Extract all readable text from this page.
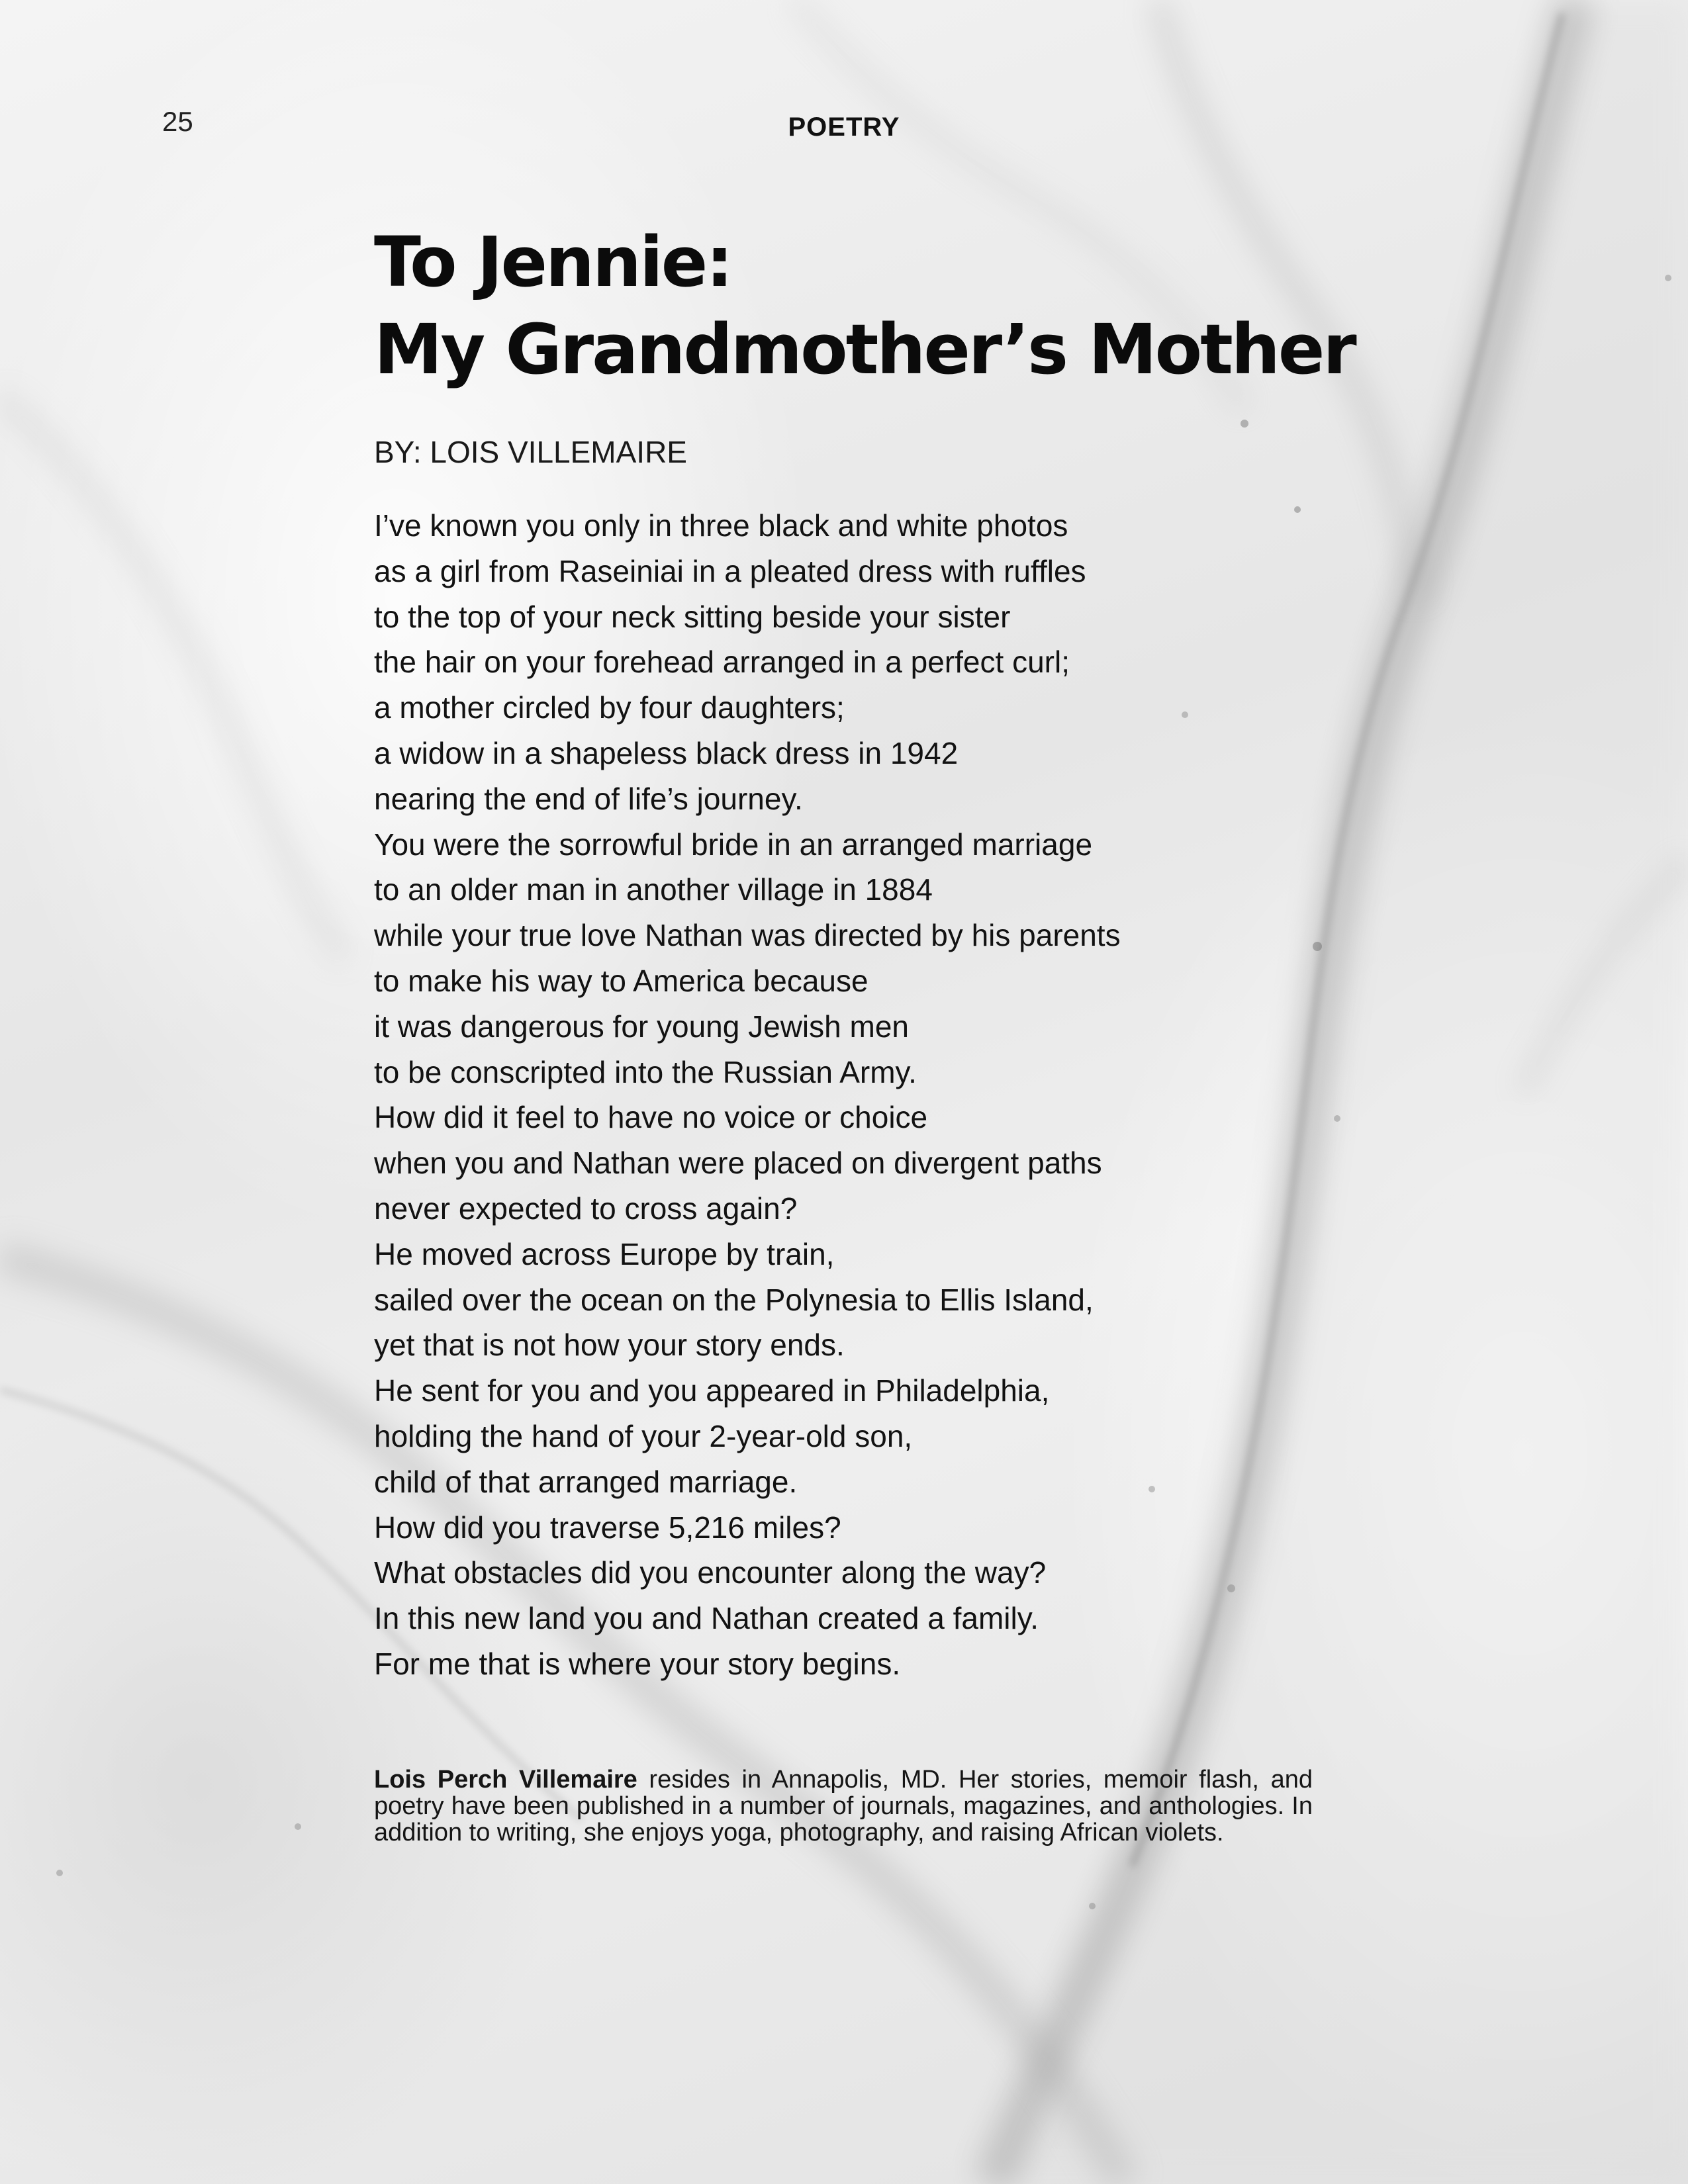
25	POETRY
To Jennie:
My Grandmother’s Mother
BY: LOIS VILLEMAIRE
I’ve known you only in three black and white photos
as a girl from Raseiniai in a pleated dress with ruffles
to the top of your neck sitting beside your sister
the hair on your forehead arranged in a perfect curl;
a mother circled by four daughters;
a widow in a shapeless black dress in 1942
nearing the end of life’s journey.
You were the sorrowful bride in an arranged marriage
to an older man in another village in 1884
while your true love Nathan was directed by his parents
to make his way to America because
it was dangerous for young Jewish men
to be conscripted into the Russian Army.
How did it feel to have no voice or choice
when you and Nathan were placed on divergent paths
never expected to cross again?
He moved across Europe by train,
sailed over the ocean on the Polynesia to Ellis Island,
yet that is not how your story ends.
He sent for you and you appeared in Philadelphia,
holding the hand of your 2-year-old son,
child of that arranged marriage.
How did you traverse 5,216 miles?
What obstacles did you encounter along the way?
In this new land you and Nathan created a family.
For me that is where your story begins.
Lois Perch Villemaire resides in Annapolis, MD. Her stories, memoir flash, and poetry have been published in a number of journals, magazines, and anthologies. In addition to writing, she enjoys yoga, photography, and raising African violets.
